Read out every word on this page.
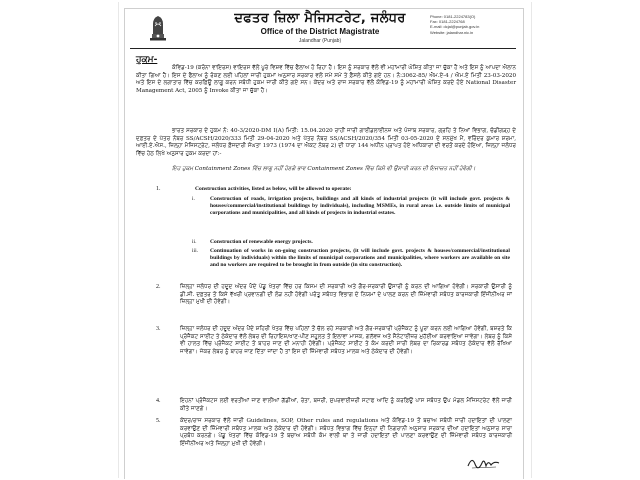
ਦਫਤਰ ਜ਼ਿਲਾ ਮੈਜਿਸਟਰੇਟ, ਜਲੰਧਰ
Office of the District Magistrate
Jalandhar (Punjab)
Phone: 0181-2224783(O)
Fax: 0181-2224768
E-mail: dcjal@punjab.gov.in
Website: jalandhar.nic.in
ਹੁਕਮ-
ਕੋਵਿਡ-19 (ਕਰੋਨਾ ਵਾਇਰਸ) ਵਾਇਰਸ ਵੱਲੋਂ ਪੂਰੇ ਵਿਸ਼ਵ ਵਿੱਚ ਫੈਲਾਅ ਹੋ ਰਿਹਾ ਹੈ। ਇਸ ਨੂੰ ਸਰਕਾਰ ਵੱਲੋਂ ਵੀ ਮਹਾਂਮਾਰੀ ਘੋਸ਼ਿਤ ਕੀਤਾ ਜਾ ਚੁੱਕਾ ਹੈ ਅਤੇ ਇਸ ਨੂੰ ਆਪਦਾ ਐਲਾਨ ਕੀਤਾ ਗਿਆ ਹੈ। ਇਸ ਦੇ ਫੈਲਾਅ ਨੂੰ ਰੋਕਣ ਲਈ ਪਹਿਲਾਂ ਜਾਰੀ ਹੁਕਮਾਂ ਅਨੁਸਾਰ ਸਰਕਾਰ ਵਲੋਂ ਸਮੇਂ ਸਮੇਂ ਤੇ ਫ਼ੈਸਲੇ ਕੀਤੇ ਗਏ ਹਨ। ਨੰ:3062-85/ ਐਮ.ਏ-4 / ਐਮ.ਏ ਮਿਤੀ 23-03-2020 ਅਤੇ ਇਸ ਦੇ ਲਗਾਤਾਰ ਵਿੱਚ ਕਰਫ਼ਿਊ ਲਾਗੂ ਕਰਨ ਸਬੰਧੀ ਹੁਕਮ ਜਾਰੀ ਕੀਤੇ ਗਏ ਸਨ। ਕੇਂਦਰ ਅਤੇ ਰਾਜ ਸਰਕਾਰ ਵੱਲੋਂ ਕੋਵਿਡ-19 ਨੂੰ ਮਹਾਂਮਾਰੀ ਘੋਸ਼ਿਤ ਕਰਦੇ ਹੋਏ National Disaster Management Act, 2005 ਨੂੰ Invoke ਕੀਤਾ ਜਾ ਚੁੱਕਾ ਹੈ।
ਭਾਰਤ ਸਰਕਾਰ ਦੇ ਹੁਕਮ ਨੰ: 40-3/2020-DM I(A) ਮਿਤੀ: 15.04.2020 ਰਾਹੀਂ ਜਾਰੀ ਗਾਈਡਲਾਈਨਜ਼ ਅਤੇ ਪੰਜਾਬ ਸਰਕਾਰ, ਗ੍ਰਹਿ ਤੇ ਨਿਆਂ ਵਿਭਾਗ, ਚੰਡੀਗੜ੍ਹ ਦੇ ਦਫ਼ਤਰ ਦੇ ਪੱਤਰ ਨੰਬਰ SS/ACSH/2020/333 ਮਿਤੀ 29-04-2020 ਅਤੇ ਪੱਤਰ ਨੰਬਰ SS/ACSH/2020/354 ਮਿਤੀ 03-05-2020 ਦੇ ਸਨਮੁੱਖ ਮੈਂ, ਵਰਿੰਦਰ ਕੁਮਾਰ ਸ਼ਰਮਾ, ਆਈ.ਏ.ਐਸ., ਜ਼ਿਲ੍ਹਾ ਮੈਜਿਸਟ੍ਰੇਟ, ਜਲੰਧਰ ਫ਼ੌਜਦਾਰੀ ਸੰਘਤਾ 1973 (1974 ਦਾ ਐਕਟ ਨੰਬਰ 2) ਦੀ ਧਾਰਾ 144 ਅਧੀਨ ਪ੍ਰਾਪਤ ਹੋਏ ਅਧਿਕਾਰਾਂ ਦੀ ਵਰਤੋਂ ਕਰਦੇ ਹੋਇਆ, ਜ਼ਿਲ੍ਹਾ ਜਲੰਧਰ ਵਿੱਚ ਹੇਠ ਲਿਖੇ ਅਨੁਸਾਰ ਹੁਕਮ ਕਰਦਾ ਹਾਂ:-
ਇਹ ਹੁਕਮ Containment Zones ਵਿੱਚ ਲਾਗੂ ਨਹੀਂ ਹੋਣਗੇ ਭਾਵ Containment Zones ਵਿੱਚ ਕਿਸੇ ਵੀ ਉਸਾਰੀ ਕਰਨ ਦੀ ਇਜਾਜ਼ਤ ਨਹੀਂ ਹੋਵੇਗੀ।
1.	Construction activities, listed as below, will be allowed to operate:
i.	Construction of roads, irrigation projects, buildings and all kinds of industrial projects (it will include govt. projects & houses/commercial/institutional buildings by individuals), including MSMEs, in rural areas i.e. outside limits of municipal corporations and municipalities, and all kinds of projects in industrial estates.
ii. Construction of renewable energy projects.
iii. Continuation of works in on-going construction projects, (it will include govt. projects & houses/commercial/institutional buildings by individuals) within the limits of municipal corporations and municipalities, where workers are available on site and no workers are required to be brought in from outside (in situ construction).
2.	ਜ਼ਿਲ੍ਹਾ ਜਲੰਧਰ ਦੀ ਹਦੂਦ ਅੰਦਰ ਪੈਂਦੇ ਪੇਂਡੂ ਖੇਤਰਾਂ ਵਿੱਚ ਹਰ ਕਿਸਮ ਦੀ ਸਰਕਾਰੀ ਅਤੇ ਗੈਰ-ਸਰਕਾਰੀ ਉਸਾਰੀ ਨੂੰ ਕਰਨ ਦੀ ਆਗਿਆ ਹੋਵੇਗੀ। ਸਰਕਾਰੀ ਉਸਾਰੀ ਨੂੰ ਡੀ.ਸੀ. ਦਫ਼ਤਰ ਤੋਂ ਕਿਸੇ ਵੱਖਰੀ ਪ੍ਰਵਾਨਗੀ ਦੀ ਲੋੜ ਨਹੀਂ ਹੋਵੇਗੀ ਪਰੰਤੂ ਸਬੰਧਤ ਵਿਭਾਗ ਦੇ ਨਿਯਮਾਂ ਦੇ ਪਾਲਣ ਕਰਨ ਦੀ ਜ਼ਿੰਮੇਵਾਰੀ ਸਬੰਧਤ ਕਾਰਜਕਾਰੀ ਇੰਜੀਨੀਅਰ ਜਾਂ ਜ਼ਿਲ੍ਹਾ ਮੁਖੀ ਦੀ ਹੋਵੇਗੀ।
3.	ਜ਼ਿਲ੍ਹਾ ਜਲੰਧਰ ਦੀ ਹਦੂਦ ਅੰਦਰ ਪੈਂਦੇ ਸ਼ਹਿਰੀ ਖੇਤਰ ਵਿੱਚ ਪਹਿਲਾਂ ਤੋਂ ਚੱਲ ਰਹੇ ਸਰਕਾਰੀ ਅਤੇ ਗੈਰ-ਸਰਕਾਰੀ ਪ੍ਰੋਜੈਕਟ ਨੂੰ ਪੂਰਾ ਕਰਨ ਲਈ ਆਗਿਆ ਹੋਵੇਗੀ, ਬਸ਼ਰਤੇ ਕਿ ਪ੍ਰੋਜੈਕਟ ਸਾਈਟ ਤੇ ਠੇਕੇਦਾਰ ਵੱਲੋਂ ਲੇਬਰ ਦੀ ਰਿਹਾਇਸ਼/ਖਾਣ-ਪੀਣ ਸਹੂਲਤ ਤੋਂ ਇਲਾਵਾ ਮਾਸਕ, ਗਲੱਵਜ਼ ਅਤੇ ਸੈਨੇਟਾਈਜ਼ਰ ਮੁਹੱਈਆ ਕਰਵਾਇਆ ਜਾਵੇਗਾ। ਲੇਬਰ ਨੂੰ ਕਿਸੇ ਵੀ ਹਾਲਤ ਵਿੱਚ ਪ੍ਰੋਜੈਕਟ ਸਾਈਟ ਤੋਂ ਬਾਹਰ ਜਾਣ ਦੀ ਮਨਾਹੀ ਹੋਵੇਗੀ। ਪ੍ਰੋਜੈਕਟ ਸਾਈਟ ਤੇ ਕੰਮ ਕਰਦੀ ਸਾਰੀ ਲੇਬਰ ਦਾ ਰਿਕਾਰਡ ਸਬੰਧਤ ਠੇਕੇਦਾਰ ਵੱਲੋਂ ਰੱਖਿਆ ਜਾਵੇਗਾ। ਜੇਕਰ ਲੇਬਰ ਨੂੰ ਬਾਹਰ ਜਾਣ ਦਿੱਤਾ ਜਾਂਦਾ ਹੈ ਤਾਂ ਇਸ ਦੀ ਜ਼ਿੰਮੇਵਾਰੀ ਸਬੰਧਤ ਮਾਲਕ ਅਤੇ ਠੇਕੇਦਾਰ ਦੀ ਹੋਵੇਗੀ।
4.	ਇਹਨਾਂ ਪ੍ਰੋਜੈਕਟਸ ਲਈ ਵਰਤੀਆਂ ਜਾਣ ਵਾਲੀਆਂ ਗੱਡੀਆਂ, ਰੇਤਾ, ਬਜਰੀ, ਸੁਪਰਵਾਈਜ਼ਰੀ ਸਟਾਫ ਆਦਿ ਨੂੰ ਕਰਫ਼ਿਊ ਪਾਸ ਸਬੰਧਤ ਉਪ ਮੰਡਲ ਮੈਜਿਸਟਰੇਟ ਵੱਲੋਂ ਜਾਰੀ ਕੀਤੇ ਜਾਣਗੇ।
5.	ਕੇਂਦਰ/ਰਾਜ ਸਰਕਾਰ ਵੱਲੋਂ ਜਾਰੀ Guidelines, SOP, Other rules and regulations ਅਤੇ ਕੋਵਿਡ-19 ਤੋਂ ਬਚਾਅ ਸਬੰਧੀ ਜਾਰੀ ਹਦਾਇਤਾਂ ਦੀ ਪਾਲਣਾ ਕਰਵਾਉਣ ਦੀ ਜ਼ਿੰਮੇਵਾਰੀ ਸਬੰਧਤ ਮਾਲਕ ਅਤੇ ਠੇਕੇਦਾਰ ਦੀ ਹੋਵੇਗੀ। ਸਬੰਧਤ ਵਿਭਾਗ ਵਿੱਚ ਇਨ੍ਹਾਂ ਦੀ ਨਿਗਰਾਨੀ ਅਨੁਸਾਰ ਸਰਕਾਰ ਦੀਆਂ ਹਦਾਇਤਾਂ ਅਨੁਸਾਰ ਸਾਰਾ ਪ੍ਰਬੰਧ ਕਰਨਗੇ। ਪੇਂਡੂ ਖੇਤਰਾਂ ਵਿੱਚ ਕੋਵਿਡ-19 ਤੋਂ ਬਚਾਅ ਸਬੰਧੀ ਕੰਮ ਵਾਲੀ ਥਾਂ ਤੇ ਜਾਰੀ ਹਦਾਇਤਾਂ ਦੀ ਪਾਲਣਾ ਕਰਵਾਉਣ ਦੀ ਜ਼ਿੰਮੇਵਾਰੀ ਸਬੰਧਤ ਕਾਰਜਕਾਰੀ ਇੰਜੀਨੀਅਰ ਅਤੇ ਜ਼ਿਲ੍ਹਾ ਮੁਖੀ ਦੀ ਹੋਵੇਗੀ।
